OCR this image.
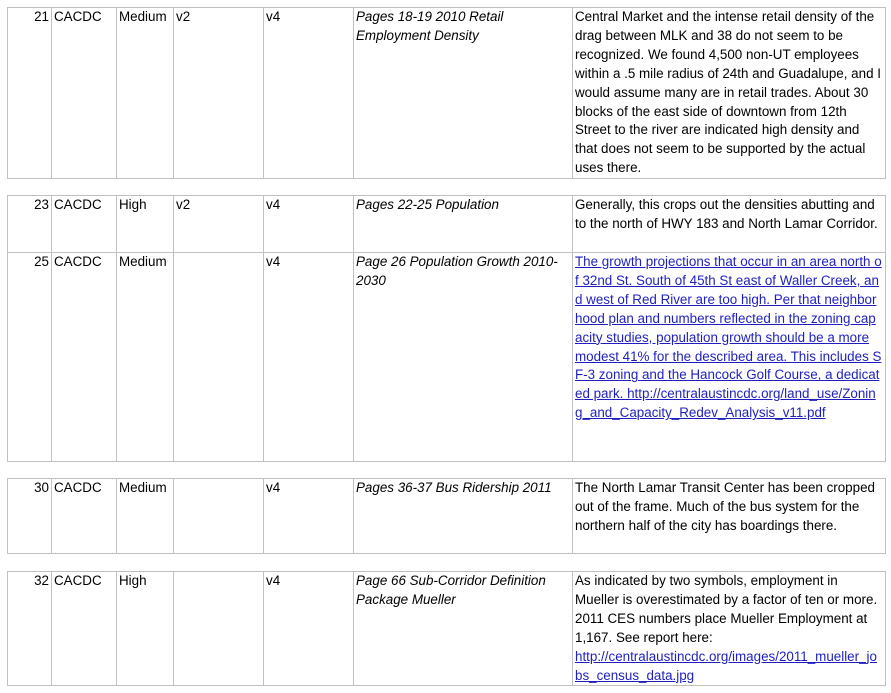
21	CACDC	Medium	v2	v4	Pages 18-19 2010 Retail Employment Density	Central Market and the intense retail density of the drag between MLK and 38 do not seem to be recognized. We found 4,500 non-UT employees within a .5 mile radius of 24th and Guadalupe, and I would assume many are in retail trades. About 30 blocks of the east side of downtown from 12th Street to the river are indicated high density and that does not seem to be supported by the actual uses there.
23	CACDC	High	v2	v4	Pages 22-25 Population	Generally, this crops out the densities abutting and to the north of HWY 183 and North Lamar Corridor.
25	CACDC	Medium		v4	Page 26 Population Growth 2010-2030	The growth projections that occur in an area north of 32nd St. South of 45th St east of Waller Creek, and west of Red River are too high. Per that neighborhood plan and numbers reflected in the zoning capacity studies, population growth should be a more modest 41% for the described area. This includes SF-3 zoning and the Hancock Golf Course, a dedicated park. http://centralaustincdc.org/land_use/Zoning_and_Capacity_Redev_Analysis_v11.pdf
30	CACDC	Medium		v4	Pages 36-37 Bus Ridership 2011	The North Lamar Transit Center has been cropped out of the frame. Much of the bus system for the northern half of the city has boardings there.
32	CACDC	High		v4	Page 66 Sub-Corridor Definition Package Mueller	As indicated by two symbols, employment in Mueller is overestimated by a factor of ten or more. 2011 CES numbers place Mueller Employment at 1,167. See report here:
http://centralaustincdc.org/images/2011_mueller_jobs_census_data.jpg
